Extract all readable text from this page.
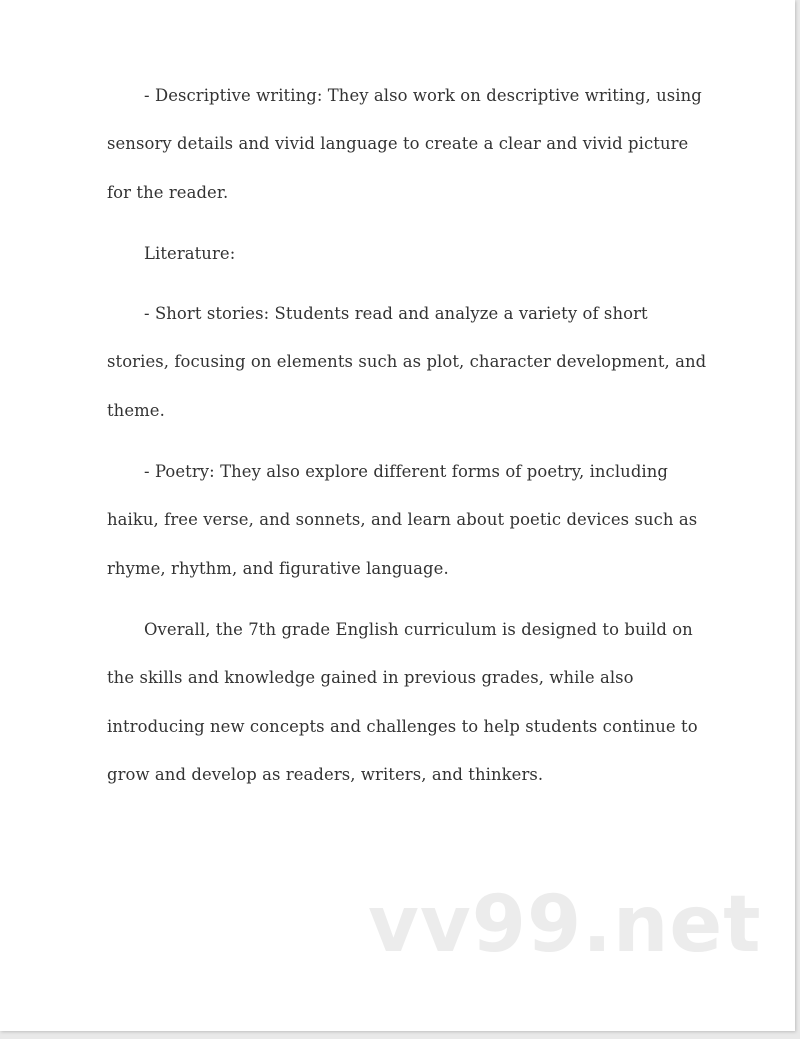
- Descriptive writing: They also work on descriptive writing, using sensory details and vivid language to create a clear and vivid picture for the reader.

Literature:

- Short stories: Students read and analyze a variety of short stories, focusing on elements such as plot, character development, and theme.

- Poetry: They also explore different forms of poetry, including haiku, free verse, and sonnets, and learn about poetic devices such as rhyme, rhythm, and figurative language.

Overall, the 7th grade English curriculum is designed to build on the skills and knowledge gained in previous grades, while also introducing new concepts and challenges to help students continue to grow and develop as readers, writers, and thinkers.

vv99.net
